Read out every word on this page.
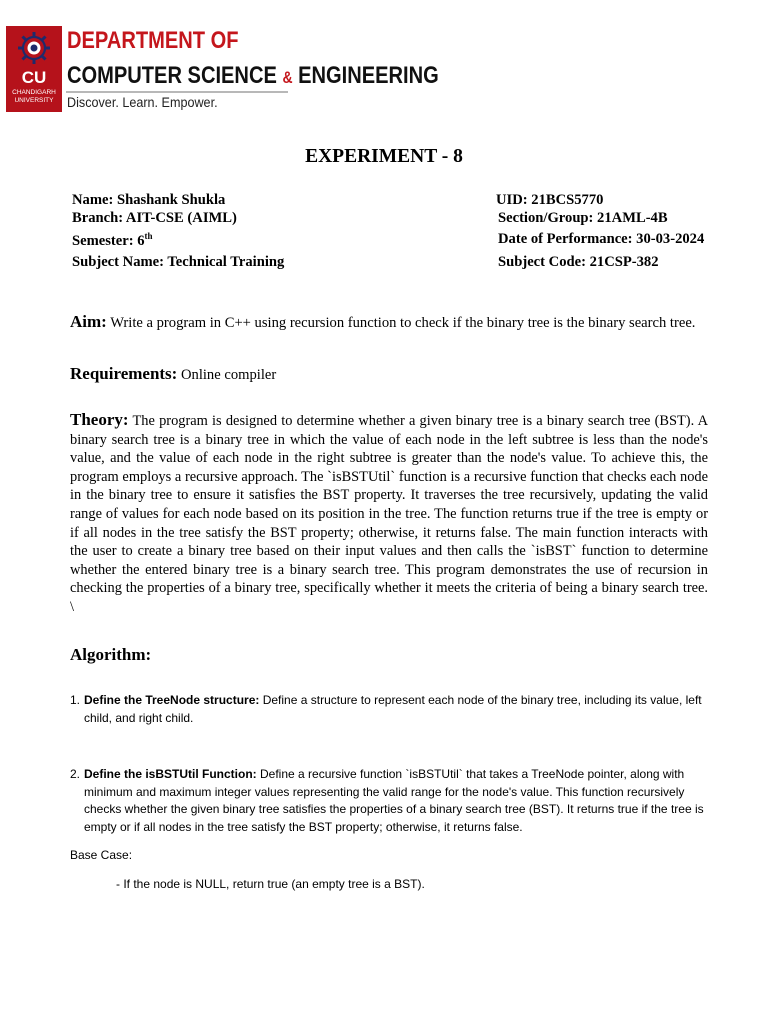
CU
CHANDIGARH
UNIVERSITY
DEPARTMENT OF
COMPUTER SCIENCE & ENGINEERING
Discover. Learn. Empower.
EXPERIMENT - 8
Name: Shashank Shukla	UID: 21BCS5770
Branch: AIT-CSE (AIML)	Section/Group: 21AML-4B
Semester: 6th	Date of Performance: 30-03-2024
Subject Name: Technical Training	Subject Code: 21CSP-382
Aim: Write a program in C++ using recursion function to check if the binary tree is the binary search tree.
Requirements: Online compiler
Theory: The program is designed to determine whether a given binary tree is a binary search tree (BST). A binary search tree is a binary tree in which the value of each node in the left subtree is less than the node's value, and the value of each node in the right subtree is greater than the node's value. To achieve this, the program employs a recursive approach. The `isBSTUtil` function is a recursive function that checks each node in the binary tree to ensure it satisfies the BST property. It traverses the tree recursively, updating the valid range of values for each node based on its position in the tree. The function returns true if the tree is empty or if all nodes in the tree satisfy the BST property; otherwise, it returns false. The main function interacts with the user to create a binary tree based on their input values and then calls the `isBST` function to determine whether the entered binary tree is a binary search tree. This program demonstrates the use of recursion in checking the properties of a binary tree, specifically whether it meets the criteria of being a binary search tree. \
Algorithm:
1. Define the TreeNode structure: Define a structure to represent each node of the binary tree, including its value, left child, and right child.
2. Define the isBSTUtil Function: Define a recursive function `isBSTUtil` that takes a TreeNode pointer, along with minimum and maximum integer values representing the valid range for the node's value. This function recursively checks whether the given binary tree satisfies the properties of a binary search tree (BST). It returns true if the tree is empty or if all nodes in the tree satisfy the BST property; otherwise, it returns false.
Base Case:
- If the node is NULL, return true (an empty tree is a BST).
